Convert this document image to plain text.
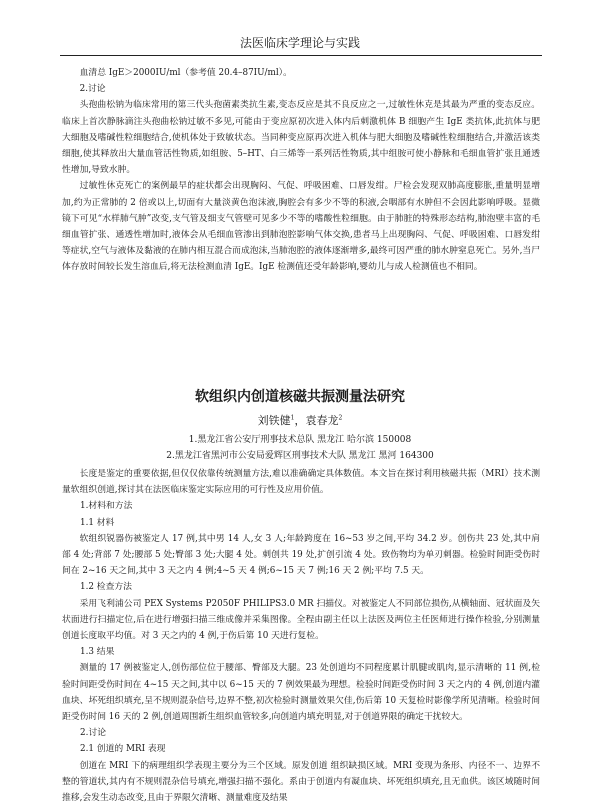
法医临床学理论与实践

血清总 IgE＞2000IU/ml（参考值 20.4–87IU/ml）。

2.讨论

头孢曲松钠为临床常用的第三代头孢菌素类抗生素,变态反应是其不良反应之一,过敏性休克是其最为严重的变态反应。临床上首次静脉滴注头孢曲松钠过敏不多见,可能由于变应原初次进入体内后刺激机体 B 细胞产生 IgE 类抗体,此抗体与肥大细胞及嗜碱性粒细胞结合,使机体处于致敏状态。当同种变应原再次进入机体与肥大细胞及嗜碱性粒细胞结合,并激活该类细胞,使其释放出大量血管活性物质,如组胺、5–HT、白三烯等一系列活性物质,其中组胺可使小静脉和毛细血管扩张且通透性增加,导致水肿。

过敏性休克死亡的案例最早的症状都会出现胸闷、气促、呼吸困难、口唇发绀。尸检会发现双肺高度膨胀,重量明显增加,约为正常肺的 2 倍或以上,切面有大量淡黄色泡沫液,胸腔会有多少不等的积液,会咽部有水肿但不会因此影响呼吸。显微镜下可见“水样肺气肿”改变,支气管及细支气管壁可见多少不等的嗜酸性粒细胞。由于肺脏的特殊形态结构,肺泡壁丰富的毛细血管扩张、通透性增加时,液体会从毛细血管渗出到肺泡腔影响气体交换,患者马上出现胸闷、气促、呼吸困难、口唇发绀等症状,空气与液体及黏液的在肺内相互混合而成泡沫,当肺泡腔的液体逐渐增多,最终可因严重的肺水肿窒息死亡。另外,当尸体存放时间较长发生溶血后,将无法检测血清 IgE。IgE 检测值还受年龄影响,婴幼儿与成人检测值也不相同。

软组织内创道核磁共振测量法研究
刘铁健$^1$，袁春龙$^2$
1.黑龙江省公安厅刑事技术总队 黑龙江 哈尔滨 150008
2.黑龙江省黑河市公安局爱辉区刑事技术大队 黑龙江 黑河 164300

长度是鉴定的重要依据,但仅仅依靠传统测量方法,难以准确确定具体数值。本文旨在探讨利用核磁共振（MRI）技术测量软组织创道,探讨其在法医临床鉴定实际应用的可行性及应用价值。

1.材料和方法

1.1 材料

软组织锐器伤被鉴定人 17 例,其中男 14 人,女 3 人;年龄跨度在 16~53 岁之间,平均 34.2 岁。创伤共 23 处,其中肩部 4 处;背部 7 处;腰部 5 处;臀部 3 处;大腿 4 处。刺创共 19 处,扩创引流 4 处。致伤物均为单刃刺器。检验时间距受伤时间在 2~16 天之间,其中 3 天之内 4 例;4~5 天 4 例;6~15 天 7 例;16 天 2 例;平均 7.5 天。

1.2 检查方法

采用飞利浦公司 PEX Systems P2050F PHILIPS3.0 MR 扫描仪。对被鉴定人不同部位损伤,从横轴面、冠状面及矢状面进行扫描定位,后在进行增强扫描三维成像并采集图像。全程由副主任以上法医及两位主任医师进行操作检验,分别测量创道长度取平均值。对 3 天之内的 4 例,于伤后第 10 天进行复检。

1.3 结果

测量的 17 例被鉴定人,创伤部位位于腰部、臀部及大腿。23 处创道均不同程度累计肌腱或肌肉,显示清晰的 11 例,检验时间距受伤时间在 4~15 天之间,其中以 6~15 天的 7 例效果最为理想。检验时间距受伤时间 3 天之内的 4 例,创道内灌血块、坏死组织填充,呈不规则混杂信号,边界不整,初次检验时测量效果欠佳,伤后第 10 天复检时影像学所见清晰。检验时间距受伤时间 16 天的 2 例,创道周围新生组织血管较多,向创道内填充明显,对于创道界限的确定干扰较大。

2.讨论

2.1 创道的 MRI 表现

创道在 MRI 下的病理组织学表现主要分为三个区域。原发创道 组织缺损区域。MRI 变现为条形、内径不一、边界不整的管道状,其内有不规则混杂信号填充,增强扫描不强化。系由于创道内有凝血块、坏死组织填充,且无血供。该区域随时间推移,会发生动态改变,且由于界限欠清晰、测量难度及结果
